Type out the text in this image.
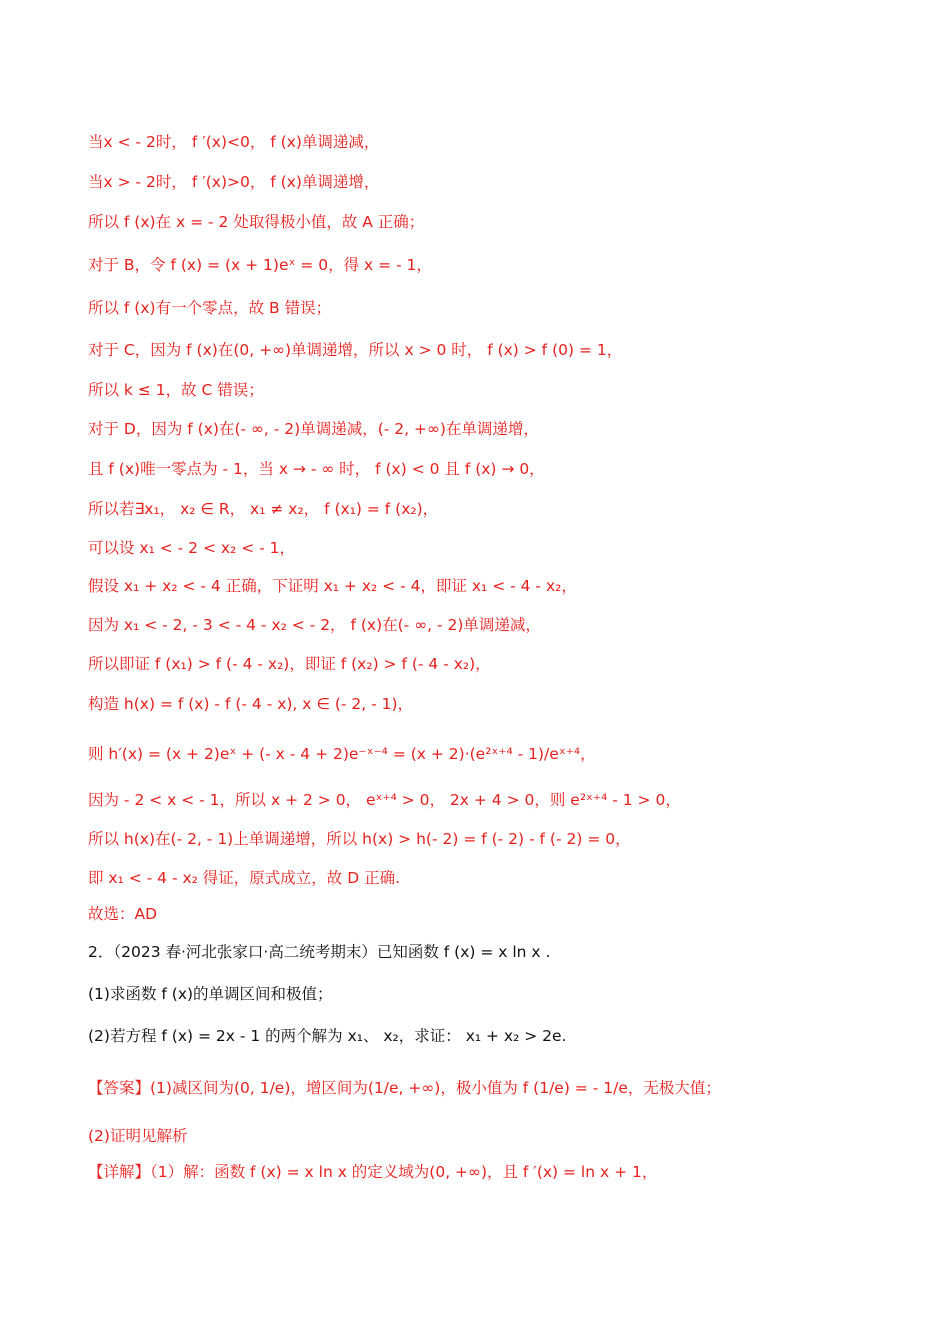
当x < - 2时， f ′(x)<0， f (x)单调递减，
当x > - 2时， f ′(x)>0， f (x)单调递增，
所以 f (x)在 x = - 2 处取得极小值，故 A 正确；
对于 B，令 f (x) = (x + 1)eˣ = 0，得 x = - 1，
所以 f (x)有一个零点，故 B 错误；
对于 C，因为 f (x)在(0, +∞)单调递增，所以 x > 0 时， f (x) > f (0) = 1，
所以 k ≤ 1，故 C 错误；
对于 D，因为 f (x)在(- ∞, - 2)单调递减，(- 2, +∞)在单调递增，
且 f (x)唯一零点为 - 1，当 x → - ∞ 时， f (x) < 0 且 f (x) → 0，
所以若∃x₁， x₂ ∈ R， x₁ ≠ x₂， f (x₁) = f (x₂)，
可以设 x₁ < - 2 < x₂ < - 1，
假设 x₁ + x₂ < - 4 正确，下证明 x₁ + x₂ < - 4，即证 x₁ < - 4 - x₂，
因为 x₁ < - 2, - 3 < - 4 - x₂ < - 2， f (x)在(- ∞, - 2)单调递减，
所以即证 f (x₁) > f (- 4 - x₂)，即证 f (x₂) > f (- 4 - x₂)，
构造 h(x) = f (x) - f (- 4 - x), x ∈ (- 2, - 1)，
则 h′(x) = (x + 2)eˣ + (- x - 4 + 2)e⁻ˣ⁻⁴ = (x + 2)·(e²ˣ⁺⁴ - 1)/eˣ⁺⁴，
因为 - 2 < x < - 1，所以 x + 2 > 0， eˣ⁺⁴ > 0， 2x + 4 > 0，则 e²ˣ⁺⁴ - 1 > 0，
所以 h(x)在(- 2, - 1)上单调递增，所以 h(x) > h(- 2) = f (- 2) - f (- 2) = 0，
即 x₁ < - 4 - x₂ 得证，原式成立，故 D 正确.
故选：AD
2．（2023 春·河北张家口·高二统考期末）已知函数 f (x) = x ln x .
(1)求函数 f (x)的单调区间和极值；
(2)若方程 f (x) = 2x - 1 的两个解为 x₁、 x₂，求证： x₁ + x₂ > 2e.
【答案】(1)减区间为(0, 1/e)，增区间为(1/e, +∞)，极小值为 f (1/e) = - 1/e，无极大值；
(2)证明见解析
【详解】（1）解：函数 f (x) = x ln x 的定义域为(0, +∞)，且 f ′(x) = ln x + 1，
